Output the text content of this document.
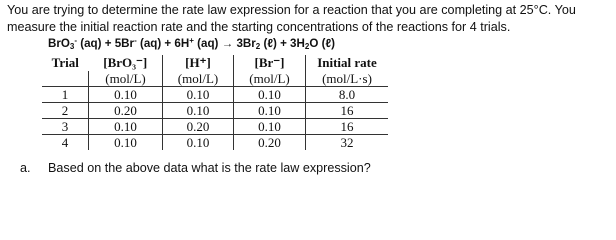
You are trying to determine the rate law expression for a reaction that you are completing at 25°C. You measure the initial reaction rate and the starting concentrations of the reactions for 4 trials.

BrO$_3$- (aq) + 5Br- (aq) + 6H+ $(aq) \to 3Br_2$ (ℓ) + $3H_2O$ (ℓ)

Trial	[BrO₃⁻]	[H⁺]	[Br⁻]	Initial rate
	(mol/L)	(mol/L)	(mol/L)	(mol/L·s)
1	0.10	0.10	0.10	8.0
2	0.20	0.10	0.10	16
3	0.10	0.20	0.10	16
4	0.10	0.10	0.20	32

a. Based on the above data what is the rate law expression?
